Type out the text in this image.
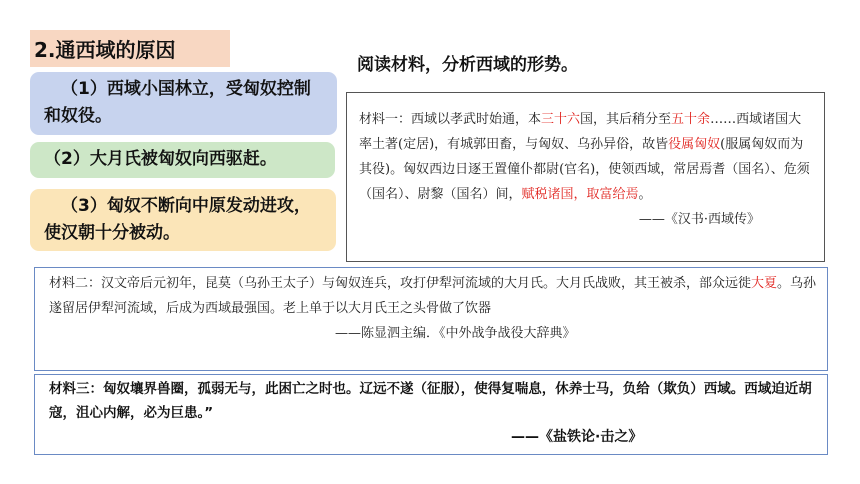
2.通西域的原因
阅读材料，分析西域的形势。
（1）西域小国林立，受匈奴控制和奴役。
（2）大月氏被匈奴向西驱赶。
（3）匈奴不断向中原发动进攻，使汉朝十分被动。
材料一：西域以孝武时始通，本三十六国，其后稍分至五十余……西域诸国大率土著(定居)，有城郭田畜，与匈奴、乌孙异俗，故皆役属匈奴(服属匈奴而为其役)。匈奴西边日逐王置僮仆都尉(官名)，使领西域，常居焉耆（国名）、危须（国名）、尉黎（国名）间，赋税诸国，取富给焉。
——《汉书·西域传》
材料二：汉文帝后元初年，昆莫（乌孙王太子）与匈奴连兵，攻打伊犁河流域的大月氏。大月氏战败，其王被杀，部众远徙大夏。乌孙遂留居伊犁河流域，后成为西域最强国。老上单于以大月氏王之头骨做了饮器
——陈显泗主编．《中外战争战役大辞典》
材料三：匈奴壤界兽圈，孤弱无与，此困亡之时也。辽远不遂（征服），使得复喘息，休养士马，负给（欺负）西域。西域迫近胡寇，沮心内解，必为巨患。”
——《盐铁论·击之》
